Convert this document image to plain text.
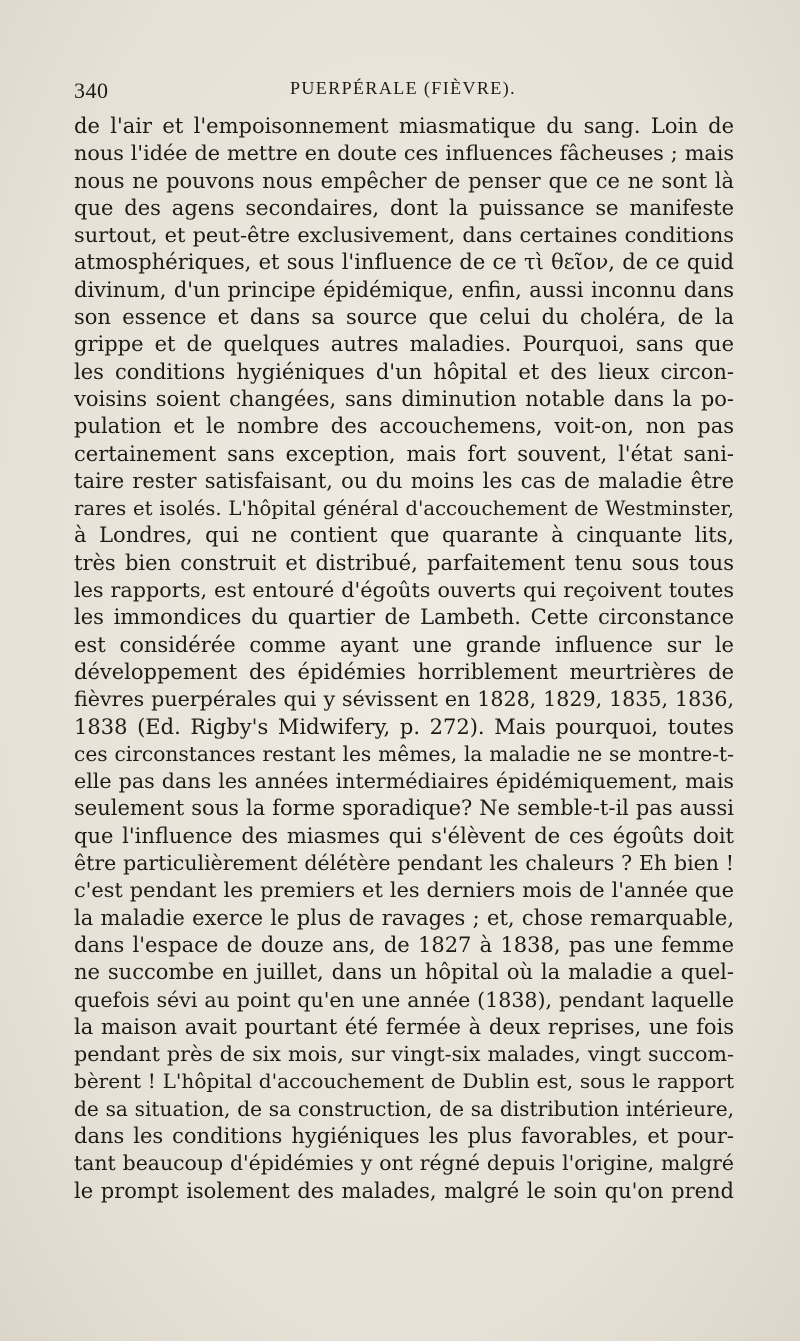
340	PUERPÉRALE (FIÈVRE).
de l'air et l'empoisonnement miasmatique du sang. Loin de
nous l'idée de mettre en doute ces influences fâcheuses ; mais
nous ne pouvons nous empêcher de penser que ce ne sont là
que des agens secondaires, dont la puissance se manifeste
surtout, et peut-être exclusivement, dans certaines conditions
atmosphériques, et sous l'influence de ce τὶ θεῖον, de ce quid
divinum, d'un principe épidémique, enfin, aussi inconnu dans
son essence et dans sa source que celui du choléra, de la
grippe et de quelques autres maladies. Pourquoi, sans que
les conditions hygiéniques d'un hôpital et des lieux circon-
voisins soient changées, sans diminution notable dans la po-
pulation et le nombre des accouchemens, voit-on, non pas
certainement sans exception, mais fort souvent, l'état sani-
taire rester satisfaisant, ou du moins les cas de maladie être
rares et isolés. L'hôpital général d'accouchement de Westminster,
à Londres, qui ne contient que quarante à cinquante lits,
très bien construit et distribué, parfaitement tenu sous tous
les rapports, est entouré d'égoûts ouverts qui reçoivent toutes
les immondices du quartier de Lambeth. Cette circonstance
est considérée comme ayant une grande influence sur le
développement des épidémies horriblement meurtrières de
fièvres puerpérales qui y sévissent en 1828, 1829, 1835, 1836,
1838 (Ed. Rigby's Midwifery, p. 272). Mais pourquoi, toutes
ces circonstances restant les mêmes, la maladie ne se montre-t-
elle pas dans les années intermédiaires épidémiquement, mais
seulement sous la forme sporadique? Ne semble-t-il pas aussi
que l'influence des miasmes qui s'élèvent de ces égoûts doit
être particulièrement délétère pendant les chaleurs ? Eh bien !
c'est pendant les premiers et les derniers mois de l'année que
la maladie exerce le plus de ravages ; et, chose remarquable,
dans l'espace de douze ans, de 1827 à 1838, pas une femme
ne succombe en juillet, dans un hôpital où la maladie a quel-
quefois sévi au point qu'en une année (1838), pendant laquelle
la maison avait pourtant été fermée à deux reprises, une fois
pendant près de six mois, sur vingt-six malades, vingt succom-
bèrent ! L'hôpital d'accouchement de Dublin est, sous le rapport
de sa situation, de sa construction, de sa distribution intérieure,
dans les conditions hygiéniques les plus favorables, et pour-
tant beaucoup d'épidémies y ont régné depuis l'origine, malgré
le prompt isolement des malades, malgré le soin qu'on prend
